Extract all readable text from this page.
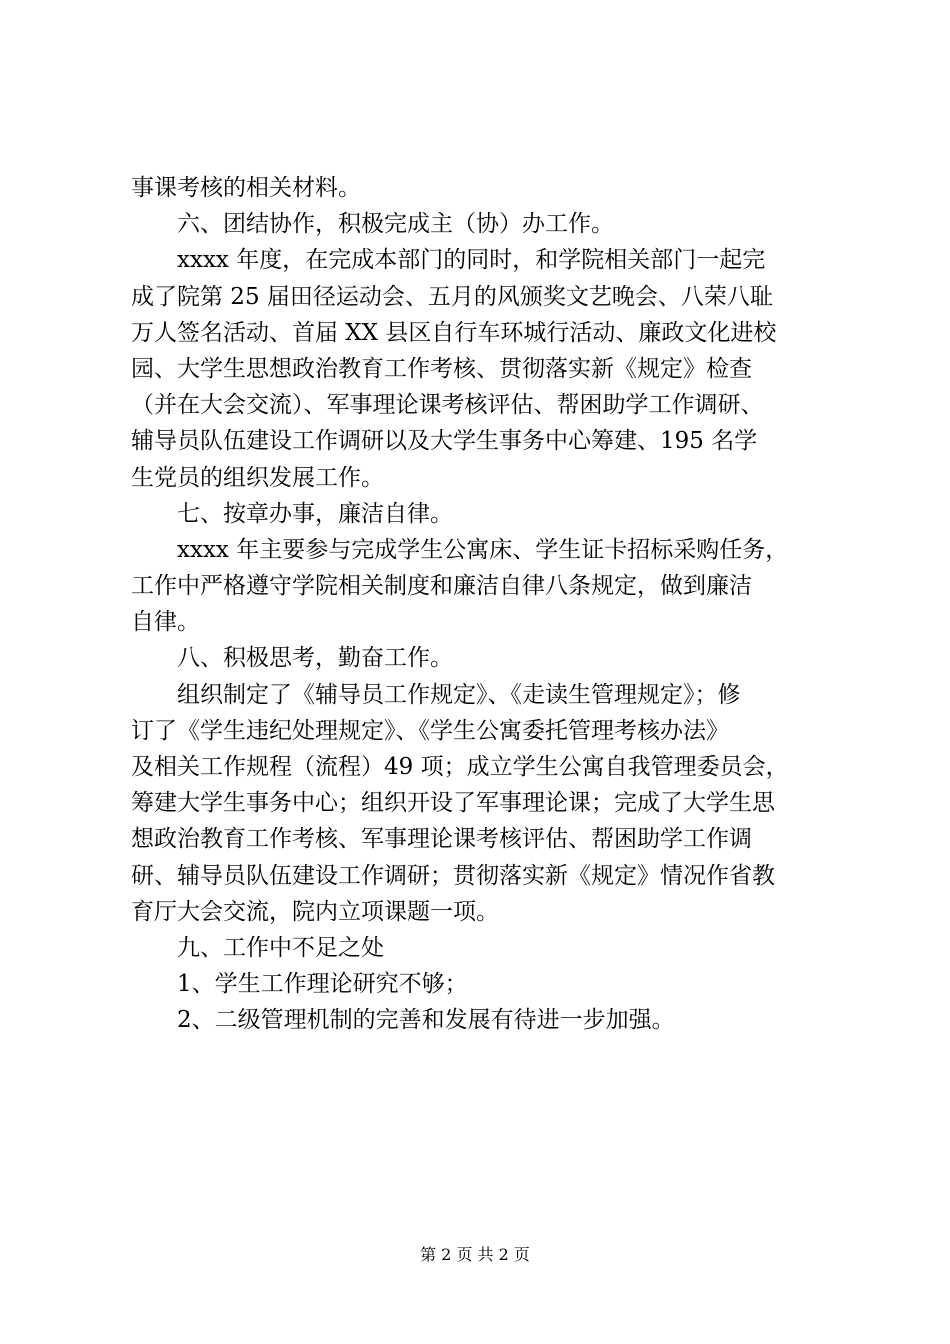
事课考核的相关材料。
六、团结协作，积极完成主（协）办工作。
xxxx 年度，在完成本部门的同时，和学院相关部门一起完
成了院第 25 届田径运动会、五月的风颁奖文艺晚会、八荣八耻
万人签名活动、首届 XX 县区自行车环城行活动、廉政文化进校
园、大学生思想政治教育工作考核、贯彻落实新《规定》检查
（并在大会交流）、军事理论课考核评估、帮困助学工作调研、
辅导员队伍建设工作调研以及大学生事务中心筹建、195 名学
生党员的组织发展工作。
七、按章办事，廉洁自律。
xxxx 年主要参与完成学生公寓床、学生证卡招标采购任务，
工作中严格遵守学院相关制度和廉洁自律八条规定，做到廉洁
自律。
八、积极思考，勤奋工作。
组织制定了《辅导员工作规定》、《走读生管理规定》；修
订了《学生违纪处理规定》、《学生公寓委托管理考核办法》
及相关工作规程（流程）49 项；成立学生公寓自我管理委员会，
筹建大学生事务中心；组织开设了军事理论课；完成了大学生思
想政治教育工作考核、军事理论课考核评估、帮困助学工作调
研、辅导员队伍建设工作调研；贯彻落实新《规定》情况作省教
育厅大会交流，院内立项课题一项。
九、工作中不足之处
1、学生工作理论研究不够；
2、二级管理机制的完善和发展有待进一步加强。
第 2 页 共 2 页
